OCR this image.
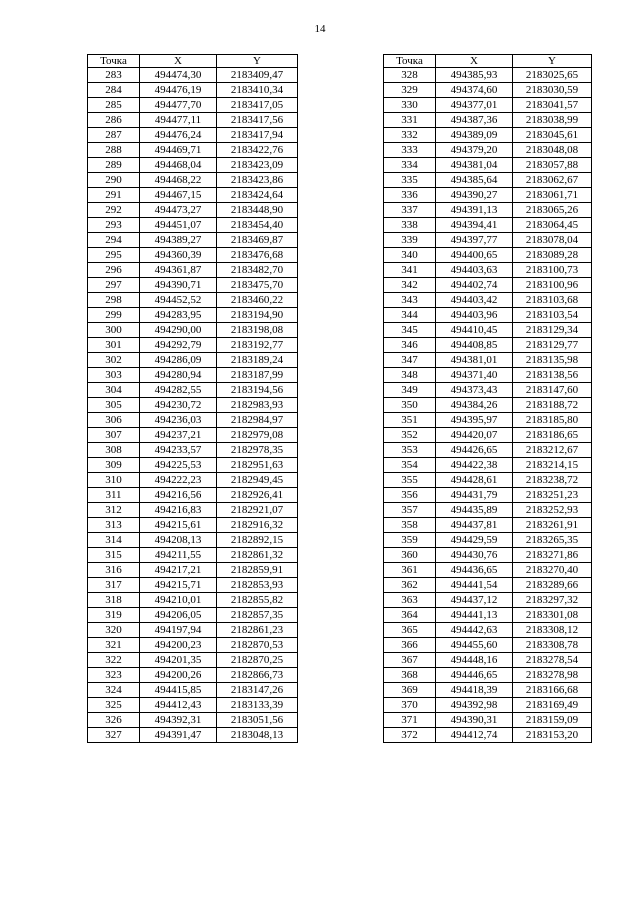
14
Точка	X	Y
283	494474,30	2183409,47
284	494476,19	2183410,34
285	494477,70	2183417,05
286	494477,11	2183417,56
287	494476,24	2183417,94
288	494469,71	2183422,76
289	494468,04	2183423,09
290	494468,22	2183423,86
291	494467,15	2183424,64
292	494473,27	2183448,90
293	494451,07	2183454,40
294	494389,27	2183469,87
295	494360,39	2183476,68
296	494361,87	2183482,70
297	494390,71	2183475,70
298	494452,52	2183460,22
299	494283,95	2183194,90
300	494290,00	2183198,08
301	494292,79	2183192,77
302	494286,09	2183189,24
303	494280,94	2183187,99
304	494282,55	2183194,56
305	494230,72	2182983,93
306	494236,03	2182984,97
307	494237,21	2182979,08
308	494233,57	2182978,35
309	494225,53	2182951,63
310	494222,23	2182949,45
311	494216,56	2182926,41
312	494216,83	2182921,07
313	494215,61	2182916,32
314	494208,13	2182892,15
315	494211,55	2182861,32
316	494217,21	2182859,91
317	494215,71	2182853,93
318	494210,01	2182855,82
319	494206,05	2182857,35
320	494197,94	2182861,23
321	494200,23	2182870,53
322	494201,35	2182870,25
323	494200,26	2182866,73
324	494415,85	2183147,26
325	494412,43	2183133,39
326	494392,31	2183051,56
327	494391,47	2183048,13
Точка	X	Y
328	494385,93	2183025,65
329	494374,60	2183030,59
330	494377,01	2183041,57
331	494387,36	2183038,99
332	494389,09	2183045,61
333	494379,20	2183048,08
334	494381,04	2183057,88
335	494385,64	2183062,67
336	494390,27	2183061,71
337	494391,13	2183065,26
338	494394,41	2183064,45
339	494397,77	2183078,04
340	494400,65	2183089,28
341	494403,63	2183100,73
342	494402,74	2183100,96
343	494403,42	2183103,68
344	494403,96	2183103,54
345	494410,45	2183129,34
346	494408,85	2183129,77
347	494381,01	2183135,98
348	494371,40	2183138,56
349	494373,43	2183147,60
350	494384,26	2183188,72
351	494395,97	2183185,80
352	494420,07	2183186,65
353	494426,65	2183212,67
354	494422,38	2183214,15
355	494428,61	2183238,72
356	494431,79	2183251,23
357	494435,89	2183252,93
358	494437,81	2183261,91
359	494429,59	2183265,35
360	494430,76	2183271,86
361	494436,65	2183270,40
362	494441,54	2183289,66
363	494437,12	2183297,32
364	494441,13	2183301,08
365	494442,63	2183308,12
366	494455,60	2183308,78
367	494448,16	2183278,54
368	494446,65	2183278,98
369	494418,39	2183166,68
370	494392,98	2183169,49
371	494390,31	2183159,09
372	494412,74	2183153,20
